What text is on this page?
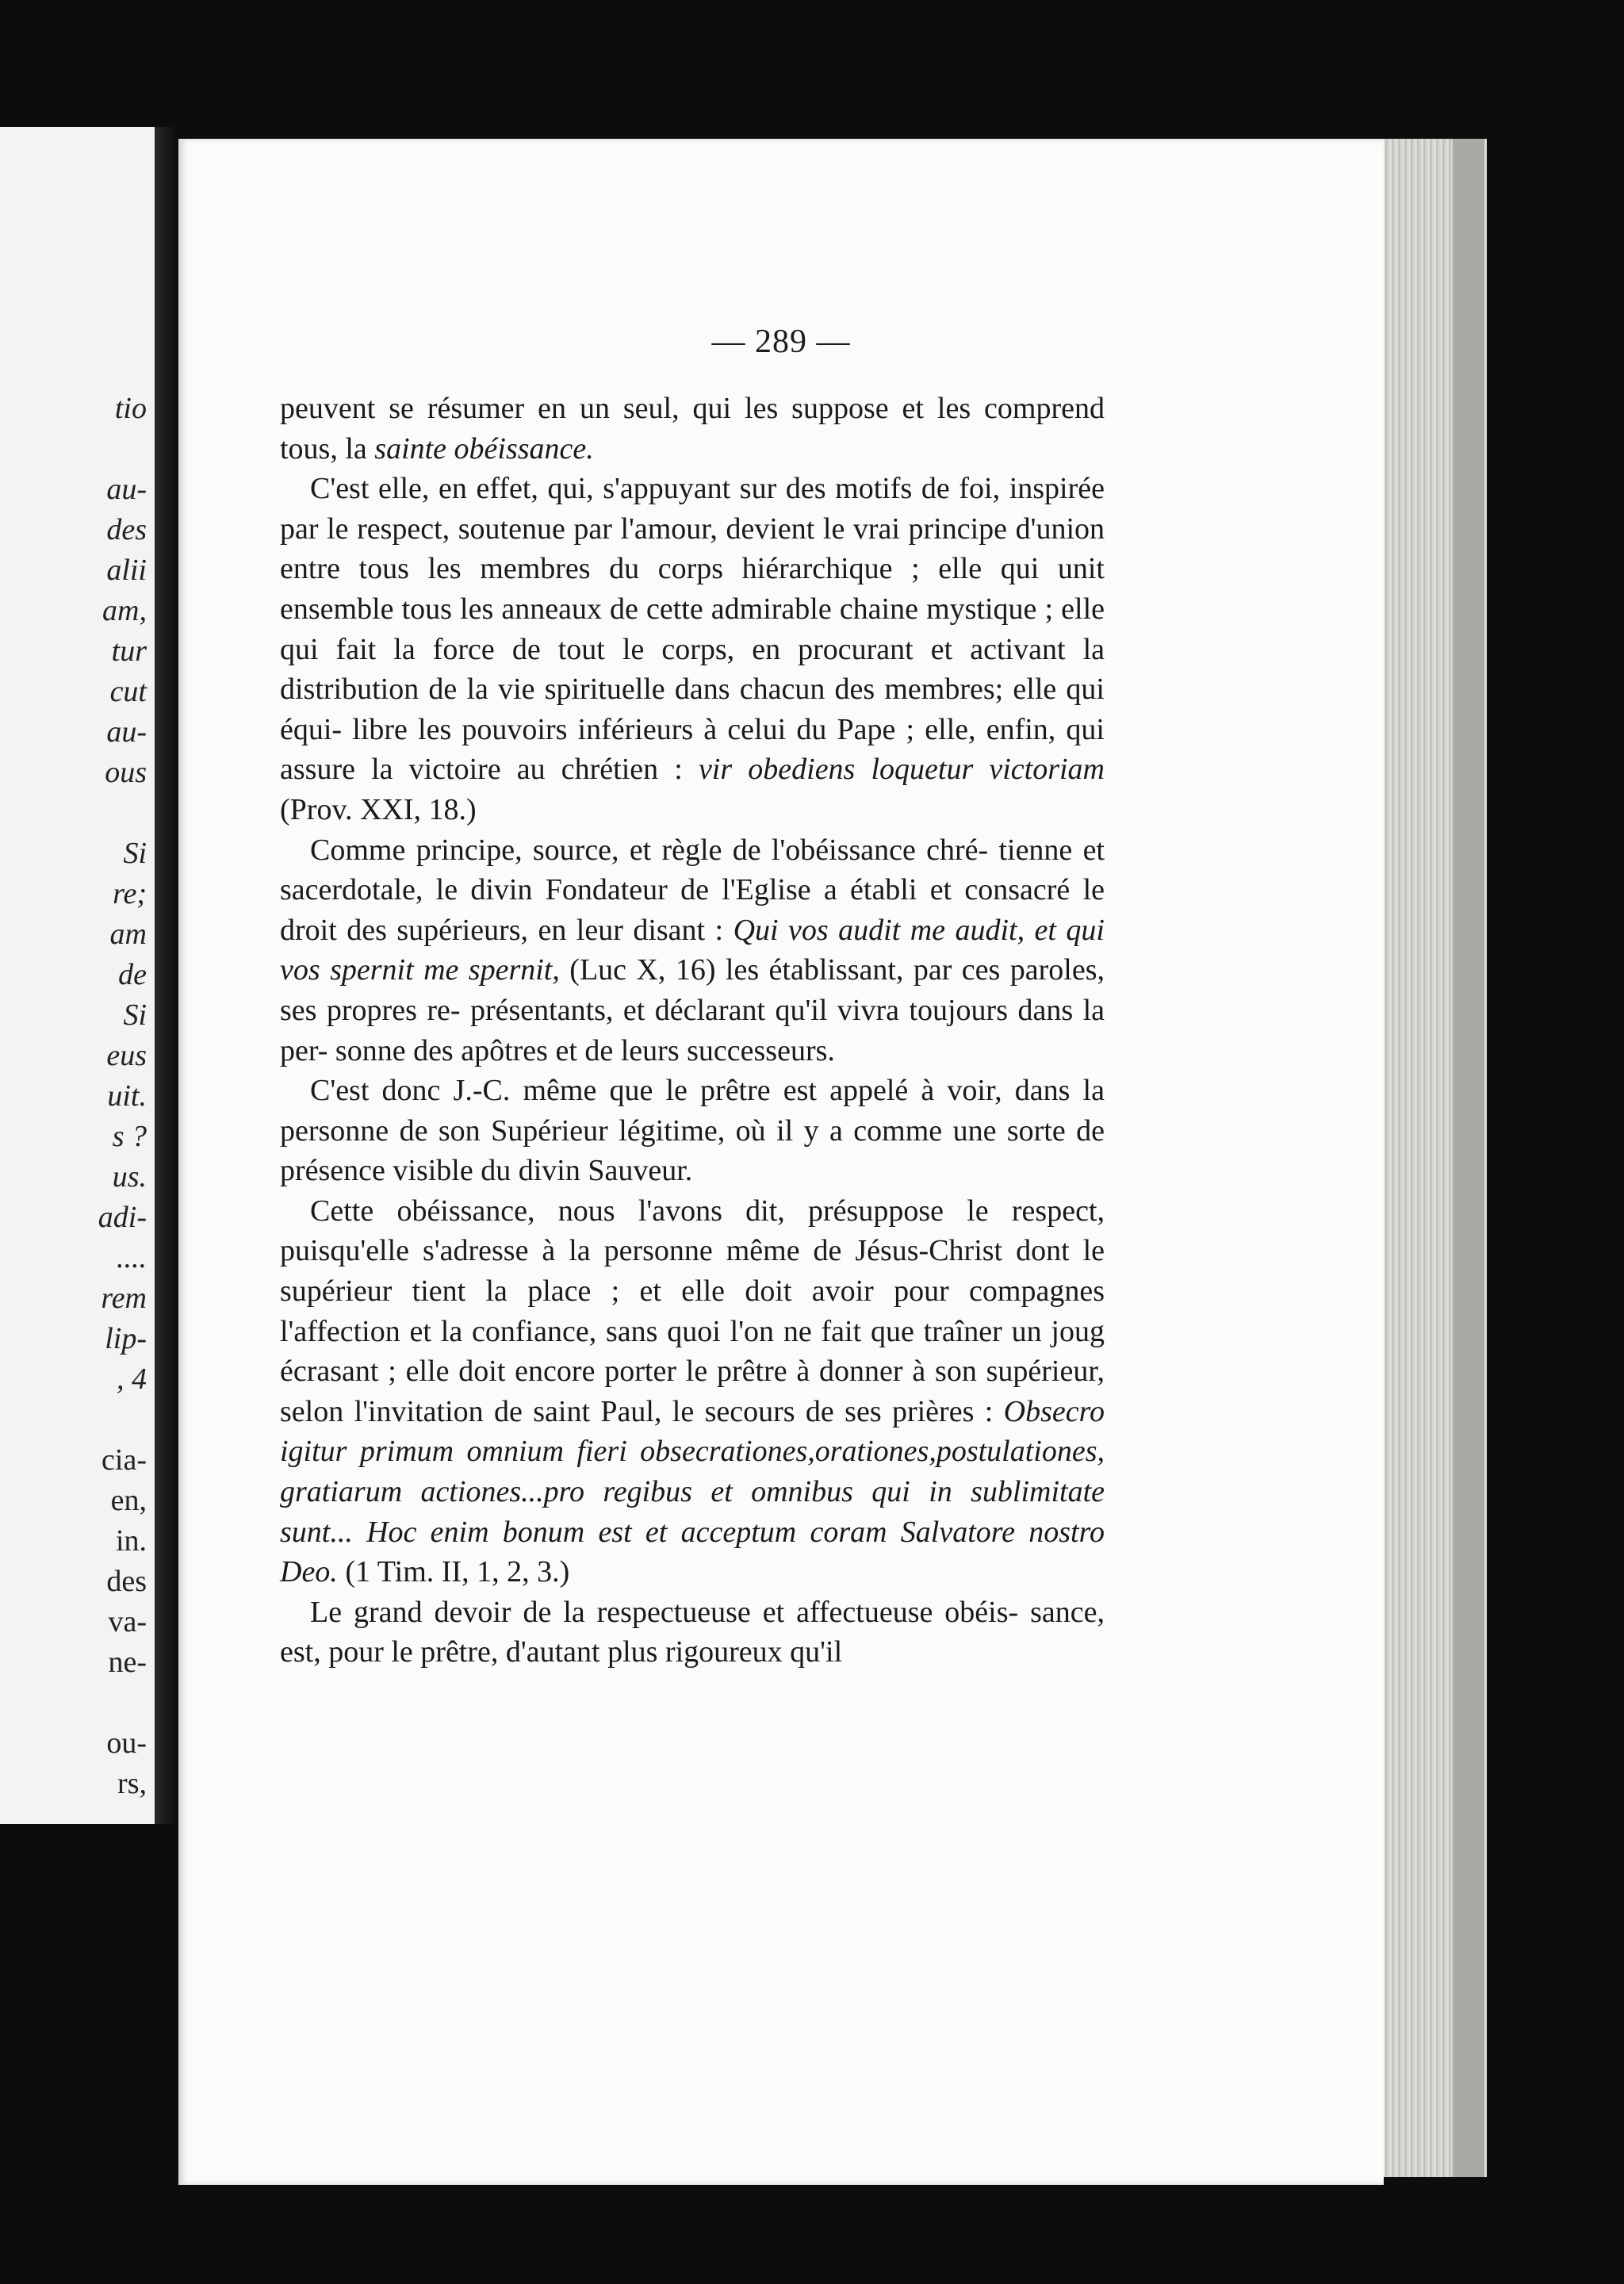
tio

au-
des
alii
am,
tur
cut
au-
ous

Si
re;
am
de
Si
eus
uit.
s ?
us.
adi-
....
rem
lip-
, 4

cia-
en,
in.
des
va-
ne-

ou-
rs,
— 289 —

peuvent se résumer en un seul, qui les suppose et les comprend tous, la sainte obéissance.

C'est elle, en effet, qui, s'appuyant sur des motifs de foi, inspirée par le respect, soutenue par l'amour, devient le vrai principe d'union entre tous les membres du corps hiérarchique ; elle qui unit ensemble tous les anneaux de cette admirable chaine mystique ; elle qui fait la force de tout le corps, en procurant et activant la distribution de la vie spirituelle dans chacun des membres; elle qui équi- libre les pouvoirs inférieurs à celui du Pape ; elle, enfin, qui assure la victoire au chrétien : vir obediens loquetur victoriam (Prov. XXI, 18.)

Comme principe, source, et règle de l'obéissance chré- tienne et sacerdotale, le divin Fondateur de l'Eglise a établi et consacré le droit des supérieurs, en leur disant : Qui vos audit me audit, et qui vos spernit me spernit, (Luc X, 16) les établissant, par ces paroles, ses propres re- présentants, et déclarant qu'il vivra toujours dans la per- sonne des apôtres et de leurs successeurs.

C'est donc J.-C. même que le prêtre est appelé à voir, dans la personne de son Supérieur légitime, où il y a comme une sorte de présence visible du divin Sauveur.

Cette obéissance, nous l'avons dit, présuppose le respect, puisqu'elle s'adresse à la personne même de Jésus-Christ dont le supérieur tient la place ; et elle doit avoir pour compagnes l'affection et la confiance, sans quoi l'on ne fait que traîner un joug écrasant ; elle doit encore porter le prêtre à donner à son supérieur, selon l'invitation de saint Paul, le secours de ses prières : Obsecro igitur primum omnium fieri obsecrationes,orationes,postulationes, gratiarum actiones...pro regibus et omnibus qui in sublimitate sunt... Hoc enim bonum est et acceptum coram Salvatore nostro Deo. (1 Tim. II, 1, 2, 3.)

Le grand devoir de la respectueuse et affectueuse obéis- sance, est, pour le prêtre, d'autant plus rigoureux qu'il
